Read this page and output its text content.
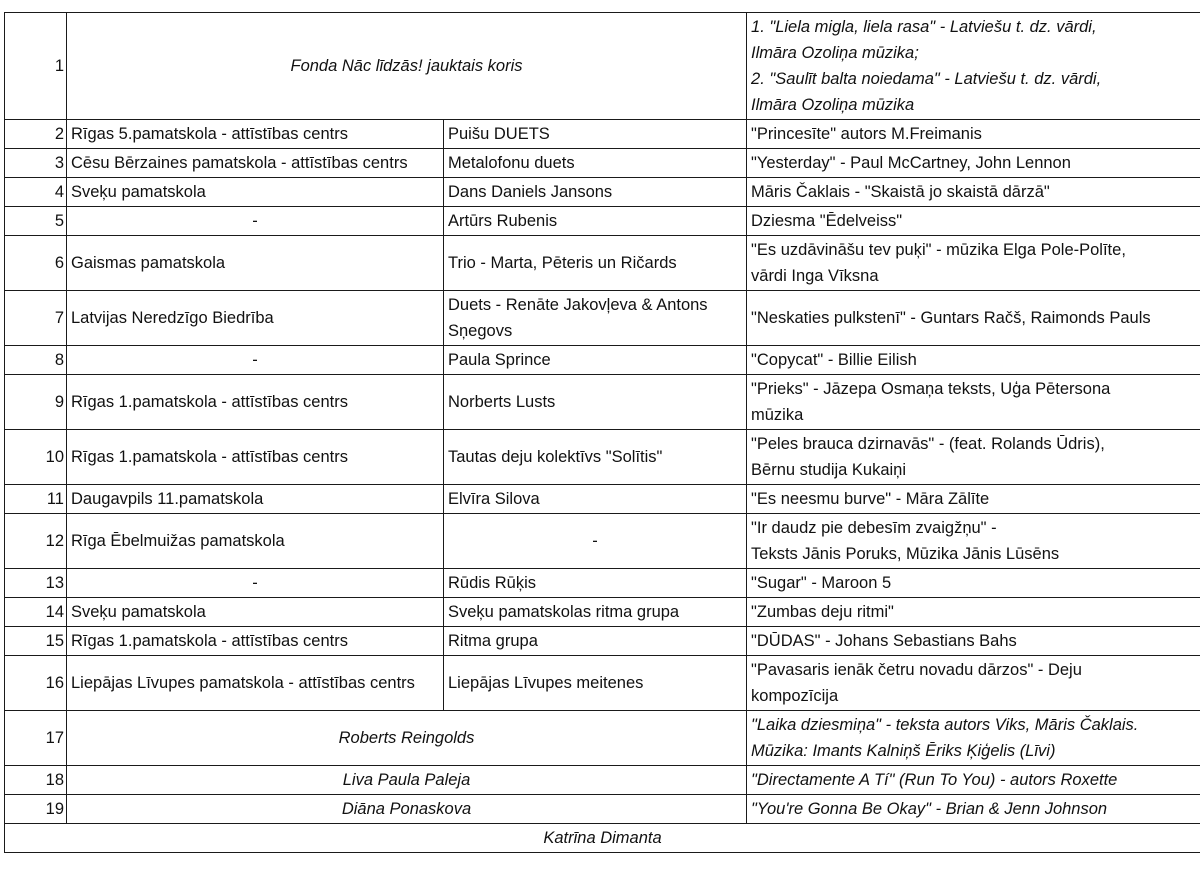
1	Fonda Nāc līdzās! jauktais koris		1. "Liela migla, liela rasa" - Latviešu t. dz. vārdi,
Ilmāra Ozoliņa mūzika;
2. "Saulīt balta noiedama" - Latviešu t. dz. vārdi,
Ilmāra Ozoliņa mūzika

2	Rīgas 5.pamatskola - attīstības centrs	Puišu DUETS	"Princesīte" autors M.Freimanis

3	Cēsu Bērzaines pamatskola - attīstības centrs	Metalofonu duets	"Yesterday" - Paul McCartney, John Lennon

4	Sveķu pamatskola	Dans Daniels Jansons	Māris Čaklais - "Skaistā jo skaistā dārzā"

5	-	Artūrs Rubenis	Dziesma "Ēdelveiss"

6	Gaismas pamatskola	Trio - Marta, Pēteris un Ričards	"Es uzdāvināšu tev puķi" - mūzika Elga Pole-Polīte,
vārdi Inga Vīksna

7	Latvijas Neredzīgo Biedrība	Duets - Renāte Jakovļeva & Antons Sņegovs	"Neskaties pulkstenī" - Guntars Račš, Raimonds Pauls

8	-	Paula Sprince	"Copycat" - Billie Eilish

9	Rīgas 1.pamatskola - attīstības centrs	Norberts Lusts	"Prieks" - Jāzepa Osmaņa teksts, Uģa Pētersona
mūzika

10	Rīgas 1.pamatskola - attīstības centrs	Tautas deju kolektīvs "Solītis"	"Peles brauca dzirnavās" - (feat. Rolands Ūdris),
Bērnu studija Kukaiņi

11	Daugavpils 11.pamatskola	Elvīra Silova	"Es neesmu burve" - Māra Zālīte

12	Rīga Ēbelmuižas pamatskola	-	"Ir daudz pie debesīm zvaigžņu" -
Teksts Jānis Poruks, Mūzika Jānis Lūsēns

13	-	Rūdis Rūķis	"Sugar" - Maroon 5

14	Sveķu pamatskola	Sveķu pamatskolas ritma grupa	"Zumbas deju ritmi"

15	Rīgas 1.pamatskola - attīstības centrs	Ritma grupa	"DŪDAS" - Johans Sebastians Bahs

16	Liepājas Līvupes pamatskola - attīstības centrs	Liepājas Līvupes meitenes	"Pavasaris ienāk četru novadu dārzos" - Deju
kompozīcija

17	Roberts Reingolds		"Laika dziesmiņa" - teksta autors Viks, Māris Čaklais.
Mūzika: Imants Kalniņš Ēriks Ķiģelis (Līvi)

18	Liva Paula Paleja		"Directamente A Tí" (Run To You) - autors Roxette

19	Diāna Ponaskova		"You're Gonna Be Okay" - Brian & Jenn Johnson

Katrīna Dimanta			
